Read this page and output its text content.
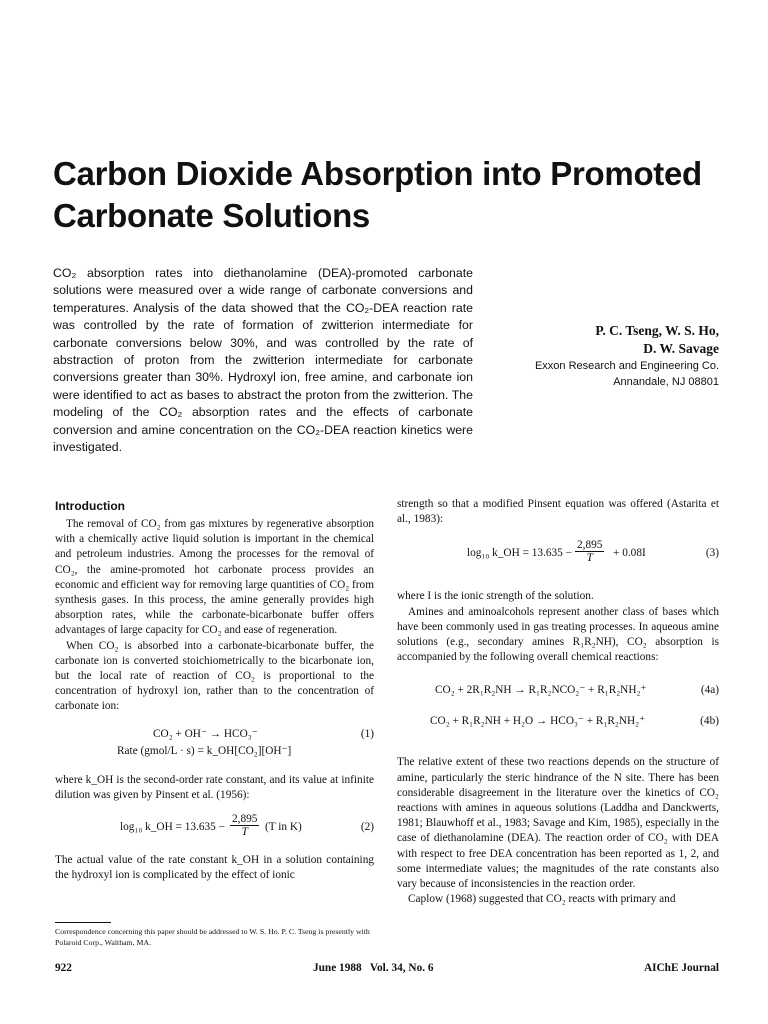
Carbon Dioxide Absorption into Promoted Carbonate Solutions

CO₂ absorption rates into diethanolamine (DEA)-promoted carbonate solutions were measured over a wide range of carbonate conversions and temperatures. Analysis of the data showed that the CO₂-DEA reaction rate was controlled by the rate of formation of zwitterion intermediate for carbonate conversions below 30%, and was controlled by the rate of abstraction of proton from the zwitterion intermediate for carbonate conversions greater than 30%. Hydroxyl ion, free amine, and carbonate ion were identified to act as bases to abstract the proton from the zwitterion. The modeling of the CO₂ absorption rates and the effects of carbonate conversion and amine concentration on the CO₂-DEA reaction kinetics were investigated.

P. C. Tseng, W. S. Ho,
D. W. Savage
Exxon Research and Engineering Co.
Annandale, NJ 08801
Introduction

The removal of CO₂ from gas mixtures by regenerative absorption with a chemically active liquid solution is important in the chemical and petroleum industries. Among the processes for the removal of CO₂, the amine-promoted hot carbonate process provides an economic and efficient way for removing large quantities of CO₂ from synthesis gases. In this process, the amine generally provides high absorption rates, while the carbonate-bicarbonate buffer offers advantages of large capacity for CO₂ and ease of regeneration.

When CO₂ is absorbed into a carbonate-bicarbonate buffer, the carbonate ion is converted stoichiometrically to the bicarbonate ion, but the local rate of reaction of CO₂ is proportional to the concentration of hydroxyl ion, rather than to the concentration of carbonate ion:

CO₂ + OH⁻ → HCO₃⁻	(1)
Rate (gmol/L · s) = k_OH[CO₂][OH⁻]

where k_OH is the second-order rate constant, and its value at infinite dilution was given by Pinsent et al. (1956):

log₁₀ k_OH = $13.635 - \frac{2,895}{T} (T$ in K)	(2)

The actual value of the rate constant k_OH in a solution containing the hydroxyl ion is complicated by the effect of ionic

Correspondence concerning this paper should be addressed to W. S. Ho. P. C. Tseng is presently with Polaroid Corp., Waltham, MA.

strength so that a modified Pinsent equation was offered (Astarita et al., 1983):

log₁₀ k_OH = $13.635 - \frac{2,895}{T} + 0.08I$	(3)

where I is the ionic strength of the solution.

Amines and aminoalcohols represent another class of bases which have been commonly used in gas treating processes. In aqueous amine solutions (e.g., secondary amines R₁R₂NH), CO₂ absorption is accompanied by the following overall chemical reactions:

CO₂ + 2R₁R₂NH → R₁R₂NCO₂⁻ + R₁R₂NH₂⁺	(4a)
CO₂ + R₁R₂NH + H₂O → HCO₃⁻ + R₁R₂NH₂⁺	(4b)

The relative extent of these two reactions depends on the structure of amine, particularly the steric hindrance of the N site. There has been considerable disagreement in the literature over the kinetics of CO₂ reactions with amines in aqueous solutions (Laddha and Danckwerts, 1981; Blauwhoff et al., 1983; Savage and Kim, 1985), especially in the case of diethanolamine (DEA). The reaction order of CO₂ with DEA with respect to free DEA concentration has been reported as 1, 2, and some intermediate values; the magnitudes of the rate constants also vary because of inconsistencies in the reaction order.

Caplow (1968) suggested that CO₂ reacts with primary and

922	June 1988   Vol. 34, No. 6	AIChE Journal
